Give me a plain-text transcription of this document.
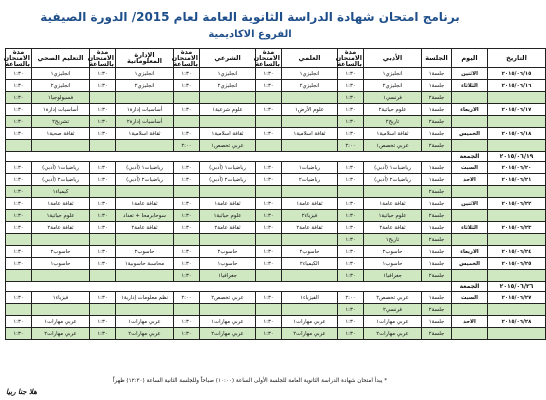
برنامج امتحان شهادة الدراسة الثانوية العامة لعام 2015/ الدورة الصيفية
الفروع الاكاديمية
التاريخ	اليوم	الجلسة	الأدبي	مدة الامتحان بالساعة	العلمي	مدة الامتحان بالساعة	الشرعي	مدة الامتحان بالساعة	الإدارة المعلوماتية	مدة الامتحان بالساعة	التعليم الصحي	مدة الامتحان بالساعة
٢٠١٥/٠٦/١٥	الاثنين	جلسة١	انجليزي١	١:٣٠	انجليزي١	١:٣٠	انجليزي١	١:٣٠	انجليزي١	١:٣٠	انجليزي١	١:٣٠
٢٠١٥/٠٦/١٦	الثلاثاء	جلسة١	انجليزي٢	١:٣٠	انجليزي٢	١:٣٠	انجليزي٢	١:٣٠	انجليزي٢	١:٣٠	انجليزي٢	١:٣٠
		جلسة٢	فرنسي١	١:٣٠							فسيولوجيا١	١:٣٠
٢٠١٥/٠٦/١٧	الاربعاء	جلسة١	علوم حياتية٢	١:٣٠	علوم الأرض١	١:٣٠	علوم شرعية١	١:٣٠	أساسيات إدارة١	١:٣٠	أساسيات إدارة١	١:٣٠
		جلسة٢	تاريخ٢	١:٣٠					أساسيات إدارة٢	١:٣٠	تشريح٢	١:٣٠
٢٠١٥/٠٦/١٨	الخميس	جلسة١	ثقافة اسلامية١	١:٣٠	ثقافة اسلامية١	١:٣٠	ثقافة اسلامية١	١:٣٠	ثقافة اسلامية١	١:٣٠	ثقافة صحية١	١:٣٠
		جلسة٢	عربي تخصص١	٢:٠٠			عربي تخصص١	٢:٠٠				
٢٠١٥/٠٦/١٩	الجمعة											
٢٠١٥/٠٦/٢٠	السبت	جلسة١	رياضيات١ (أدبي)	١:٣٠	رياضيات١	١:٣٠	رياضيات١ (أدبي)	١:٣٠	رياضيات١ (أدبي)	١:٣٠	رياضيات١ (أدبي)	١:٣٠
٢٠١٥/٠٦/٢١	الاحد	جلسة١	رياضيات٢ (أدبي)	١:٣٠	رياضيات٢	١:٣٠	رياضيات٢ (أدبي)	١:٣٠	رياضيات٢ (أدبي)	١:٣٠	رياضيات٢ (أدبي)	١:٣٠
		جلسة٢									كيمياء١	١:٣٠
٢٠١٥/٠٦/٢٢	الاثنين	جلسة١	ثقافة عامة١	١:٣٠	ثقافة عامة١	١:٣٠	ثقافة عامة١	١:٣٠	ثقافة عامة١	١:٣٠	ثقافة عامة١	١:٣٠
		جلسة٢	علوم حياتية١	١:٣٠	فيزياء٢	١:٣٠	علوم حياتية١	١:٣٠	سوحابرمحا + تعداد	١:٣٠	علوم حياتية١	١:٣٠
٢٠١٥/٠٦/٢٣	الثلاثاء	جلسة١	ثقافة عامة٢	١:٣٠	ثقافة عامة٢	١:٣٠	ثقافة عامة٢	١:٣٠	ثقافة عامة٢	١:٣٠	ثقافة عامة٢	١:٣٠
		جلسة٢	تاريخ١	١:٣٠								
٢٠١٥/٠٦/٢٤	الاربعاء	جلسة١	حاسوب٢	١:٣٠	حاسوب٢	١:٣٠	حاسوب٢	١:٣٠	حاسوب٢	١:٣٠	حاسوب٢	١:٣٠
٢٠١٥/٠٦/٢٥	الخميس	جلسة١	حاسوب١	١:٣٠	الكيمياء٢	١:٣٠	حاسوب١	١:٣٠	محاسبة حاسوبية١	١:٣٠	حاسوب١	١:٣٠
		جلسة٢	جغرافيا١	١:٣٠			جغرافيا١	١:٣٠				
٢٠١٥/٠٦/٢٦	الجمعة											
٢٠١٥/٠٦/٢٧	السبت	جلسة١	عربي تخصص٢	٢:٠٠	الفيزياء١	١:٣٠	عربي تخصص٢	٢:٠٠	نظم معلومات إدارية١	١:٣٠	فيزياء١	١:٣٠
		جلسة٢	فرنسي٢	١:٣٠								
٢٠١٥/٠٦/٢٨	الاحد	جلسة١	عربي مهارات١	١:٣٠	عربي مهارات١	١:٣٠	عربي مهارات١	١:٣٠	عربي مهارات١	١:٣٠	عربي مهارات١	١:٣٠
		جلسة٢	عربي مهارات٢	١:٣٠	عربي مهارات٢	١:٣٠	عربي مهارات٢	١:٣٠	عربي مهارات٢	١:٣٠	عربي مهارات٢	١:٣٠
* يبدأ امتحان شهادة الدراسة الثانوية العامة للجلسة الأولى الساعة (١٠:٠٠) صباحاً وللجلسة الثانية الساعة (١٢:٣٠) ظهراً
هلا جنا ربيا
